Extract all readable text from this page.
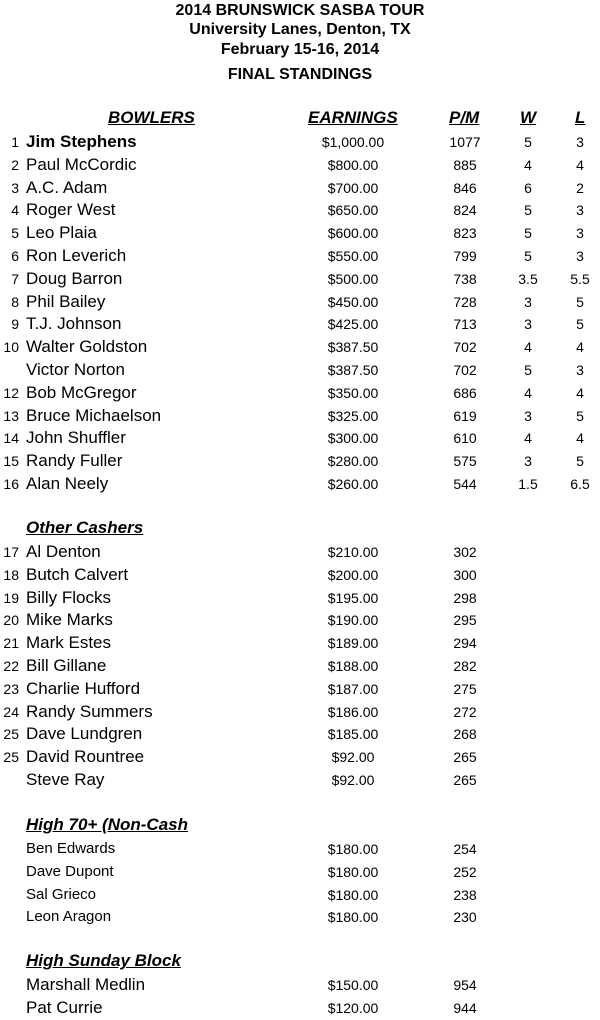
2014 BRUNSWICK SASBA TOUR
University Lanes, Denton, TX
February 15-16, 2014
FINAL STANDINGS
BOWLERS	EARNINGS	P/M W L
1 Jim Stephens	$1,000.00	1077	5	3
2 Paul McCordic	$800.00	885	4	4
3 A.C. Adam	$700.00	846	6	2
4 Roger West	$650.00	824	5	3
5 Leo Plaia	$600.00	823	5	3
6 Ron Leverich	$550.00	799	5	3
7 Doug Barron	$500.00	738	3.5	5.5
8 Phil Bailey	$450.00	728	3	5
9 T.J. Johnson	$425.00	713	3	5
10 Walter Goldston	$387.50	702	4	4
Victor Norton	$387.50	702	5	3
12 Bob McGregor	$350.00	686	4	4
13 Bruce Michaelson	$325.00	619	3	5
14 John Shuffler	$300.00	610	4	4
15 Randy Fuller	$280.00	575	3	5
16 Alan Neely	$260.00	544	1.5	6.5
Other Cashers
17 Al Denton	$210.00	302
18 Butch Calvert	$200.00	300
19 Billy Flocks	$195.00	298
20 Mike Marks	$190.00	295
21 Mark Estes	$189.00	294
22 Bill Gillane	$188.00	282
23 Charlie Hufford	$187.00	275
24 Randy Summers	$186.00	272
25 Dave Lundgren	$185.00	268
25 David Rountree	$92.00	265
Steve Ray	$92.00	265
High 70+ (Non-Cash
Ben Edwards	$180.00	254
Dave Dupont	$180.00	252
Sal Grieco	$180.00	238
Leon Aragon	$180.00	230
High Sunday Block
Marshall Medlin	$150.00	954
Pat Currie	$120.00	944
